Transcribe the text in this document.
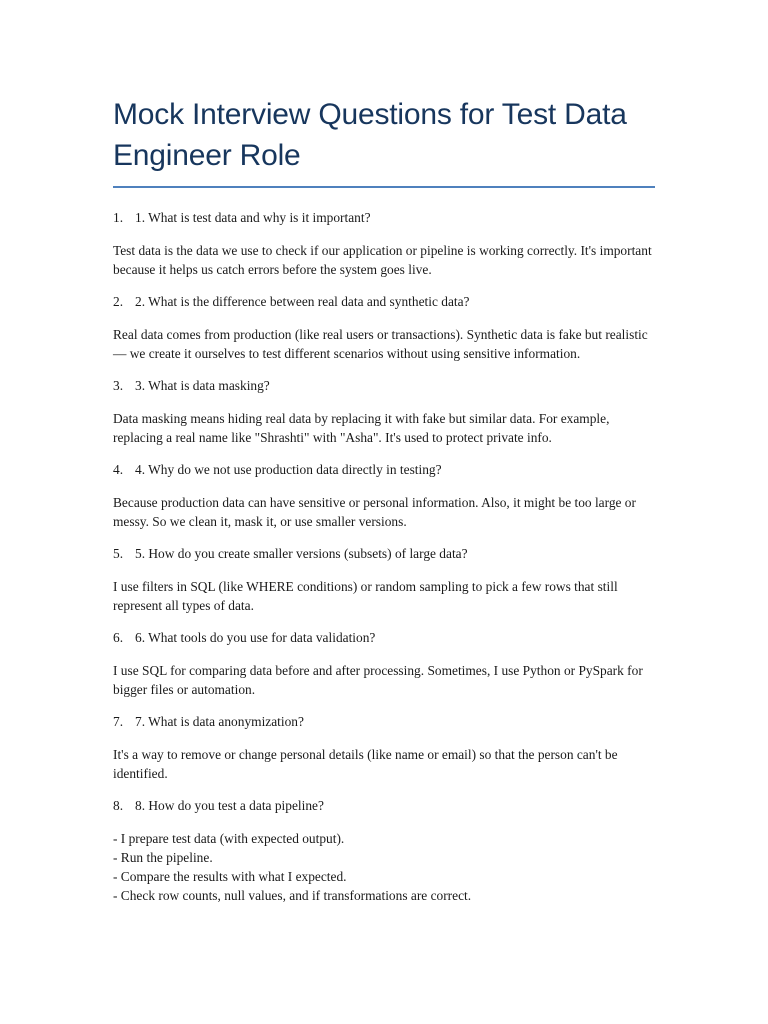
Mock Interview Questions for Test Data Engineer Role
1. 1. What is test data and why is it important?

Test data is the data we use to check if our application or pipeline is working correctly. It's important because it helps us catch errors before the system goes live.

2. 2. What is the difference between real data and synthetic data?

Real data comes from production (like real users or transactions). Synthetic data is fake but realistic — we create it ourselves to test different scenarios without using sensitive information.

3. 3. What is data masking?

Data masking means hiding real data by replacing it with fake but similar data. For example, replacing a real name like "Shrashti" with "Asha". It's used to protect private info.

4. 4. Why do we not use production data directly in testing?

Because production data can have sensitive or personal information. Also, it might be too large or messy. So we clean it, mask it, or use smaller versions.

5. 5. How do you create smaller versions (subsets) of large data?

I use filters in SQL (like WHERE conditions) or random sampling to pick a few rows that still represent all types of data.

6. 6. What tools do you use for data validation?

I use SQL for comparing data before and after processing. Sometimes, I use Python or PySpark for bigger files or automation.

7. 7. What is data anonymization?

It's a way to remove or change personal details (like name or email) so that the person can't be identified.

8. 8. How do you test a data pipeline?
- I prepare test data (with expected output).
- Run the pipeline.
- Compare the results with what I expected.
- Check row counts, null values, and if transformations are correct.
